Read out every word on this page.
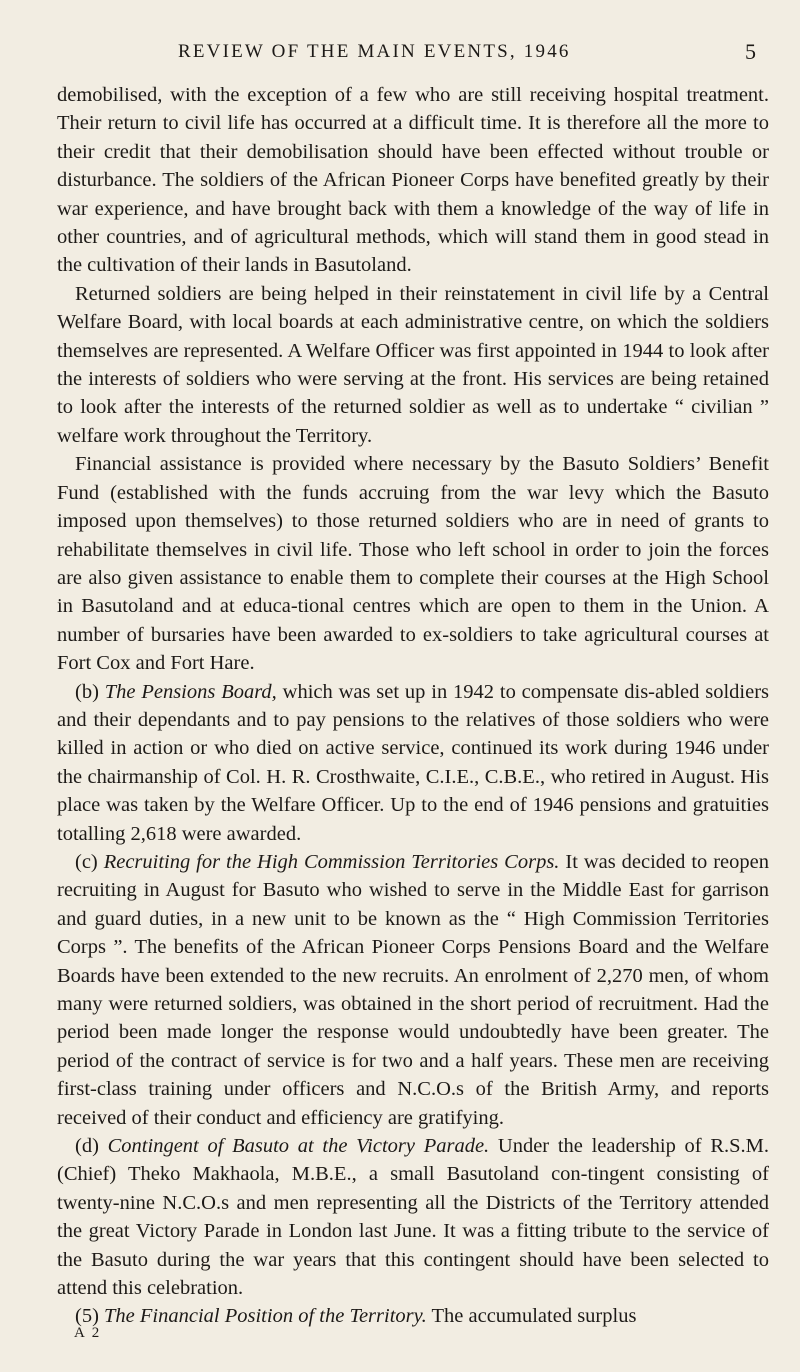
REVIEW OF THE MAIN EVENTS, 1946	5

demobilised, with the exception of a few who are still receiving hospital treatment. Their return to civil life has occurred at a difficult time. It is therefore all the more to their credit that their demobilisation should have been effected without trouble or disturbance. The soldiers of the African Pioneer Corps have benefited greatly by their war experience, and have brought back with them a knowledge of the way of life in other countries, and of agricultural methods, which will stand them in good stead in the cultivation of their lands in Basutoland.

Returned soldiers are being helped in their reinstatement in civil life by a Central Welfare Board, with local boards at each administrative centre, on which the soldiers themselves are represented. A Welfare Officer was first appointed in 1944 to look after the interests of soldiers who were serving at the front. His services are being retained to look after the interests of the returned soldier as well as to undertake “ civilian ” welfare work throughout the Territory.

Financial assistance is provided where necessary by the Basuto Soldiers’ Benefit Fund (established with the funds accruing from the war levy which the Basuto imposed upon themselves) to those returned soldiers who are in need of grants to rehabilitate themselves in civil life. Those who left school in order to join the forces are also given assistance to enable them to complete their courses at the High School in Basutoland and at educa-tional centres which are open to them in the Union. A number of bursaries have been awarded to ex-soldiers to take agricultural courses at Fort Cox and Fort Hare.

(b) The Pensions Board, which was set up in 1942 to compensate dis-abled soldiers and their dependants and to pay pensions to the relatives of those soldiers who were killed in action or who died on active service, continued its work during 1946 under the chairmanship of Col. H. R. Crosthwaite, C.I.E., C.B.E., who retired in August. His place was taken by the Welfare Officer. Up to the end of 1946 pensions and gratuities totalling 2,618 were awarded.

(c) Recruiting for the High Commission Territories Corps. It was decided to reopen recruiting in August for Basuto who wished to serve in the Middle East for garrison and guard duties, in a new unit to be known as the “ High Commission Territories Corps ”. The benefits of the African Pioneer Corps Pensions Board and the Welfare Boards have been extended to the new recruits. An enrolment of 2,270 men, of whom many were returned soldiers, was obtained in the short period of recruitment. Had the period been made longer the response would undoubtedly have been greater. The period of the contract of service is for two and a half years. These men are receiving first-class training under officers and N.C.O.s of the British Army, and reports received of their conduct and efficiency are gratifying.

(d) Contingent of Basuto at the Victory Parade. Under the leadership of R.S.M. (Chief) Theko Makhaola, M.B.E., a small Basutoland con-tingent consisting of twenty-nine N.C.O.s and men representing all the Districts of the Territory attended the great Victory Parade in London last June. It was a fitting tribute to the service of the Basuto during the war years that this contingent should have been selected to attend this celebration.

(5) The Financial Position of the Territory. The accumulated surplus

A 2
